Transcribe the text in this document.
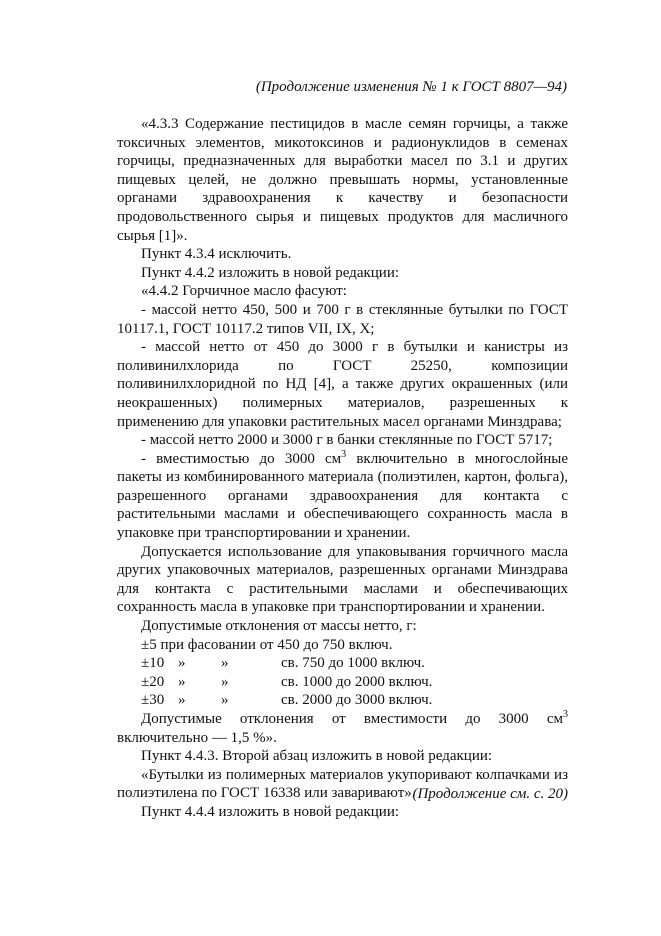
(Продолжение изменения № 1 к ГОСТ 8807—94)

«4.3.3 Содержание пестицидов в масле семян горчицы, а также токсичных элементов, микотоксинов и радионуклидов в семенах горчицы, предназначенных для выработки масел по 3.1 и других пищевых целей, не должно превышать нормы, установленные органами здравоохранения к качеству и безопасности продовольственного сырья и пищевых продуктов для масличного сырья [1]».

Пункт 4.3.4 исключить.

Пункт 4.4.2 изложить в новой редакции:

«4.4.2 Горчичное масло фасуют:

- массой нетто 450, 500 и 700 г в стеклянные бутылки по ГОСТ 10117.1, ГОСТ 10117.2 типов VII, IX, X;

- массой нетто от 450 до 3000 г в бутылки и канистры из поливинилхлорида по ГОСТ 25250, композиции поливинилхлоридной по НД [4], а также других окрашенных (или неокрашенных) полимерных материалов, разрешенных к применению для упаковки растительных масел органами Минздрава;

- массой нетто 2000 и 3000 г в банки стеклянные по ГОСТ 5717;

- вместимостью до 3000 $см^3$ включительно в многослойные пакеты из комбинированного материала (полиэтилен, картон, фольга), разрешенного органами здравоохранения для контакта с растительными маслами и обеспечивающего сохранность масла в упаковке при транспортировании и хранении.

Допускается использование для упаковывания горчичного масла других упаковочных материалов, разрешенных органами Минздрава для контакта с растительными маслами и обеспечивающих сохранность масла в упаковке при транспортировании и хранении.

Допустимые отклонения от массы нетто, г:

±5 при фасовании от 450 до 750 включ.

±10 »	»	св. 750 до 1000 включ.
±20 »	»	св. 1000 до 2000 включ.
±30 »	»	св. 2000 до 3000 включ.

Допустимые отклонения от вместимости до 3000 $см^3$ включительно — 1,5 %».

Пункт 4.4.3. Второй абзац изложить в новой редакции:

«Бутылки из полимерных материалов укупоривают колпачками из полиэтилена по ГОСТ 16338 или заваривают».

Пункт 4.4.4 изложить в новой редакции:

(Продолжение см. с. 20)
